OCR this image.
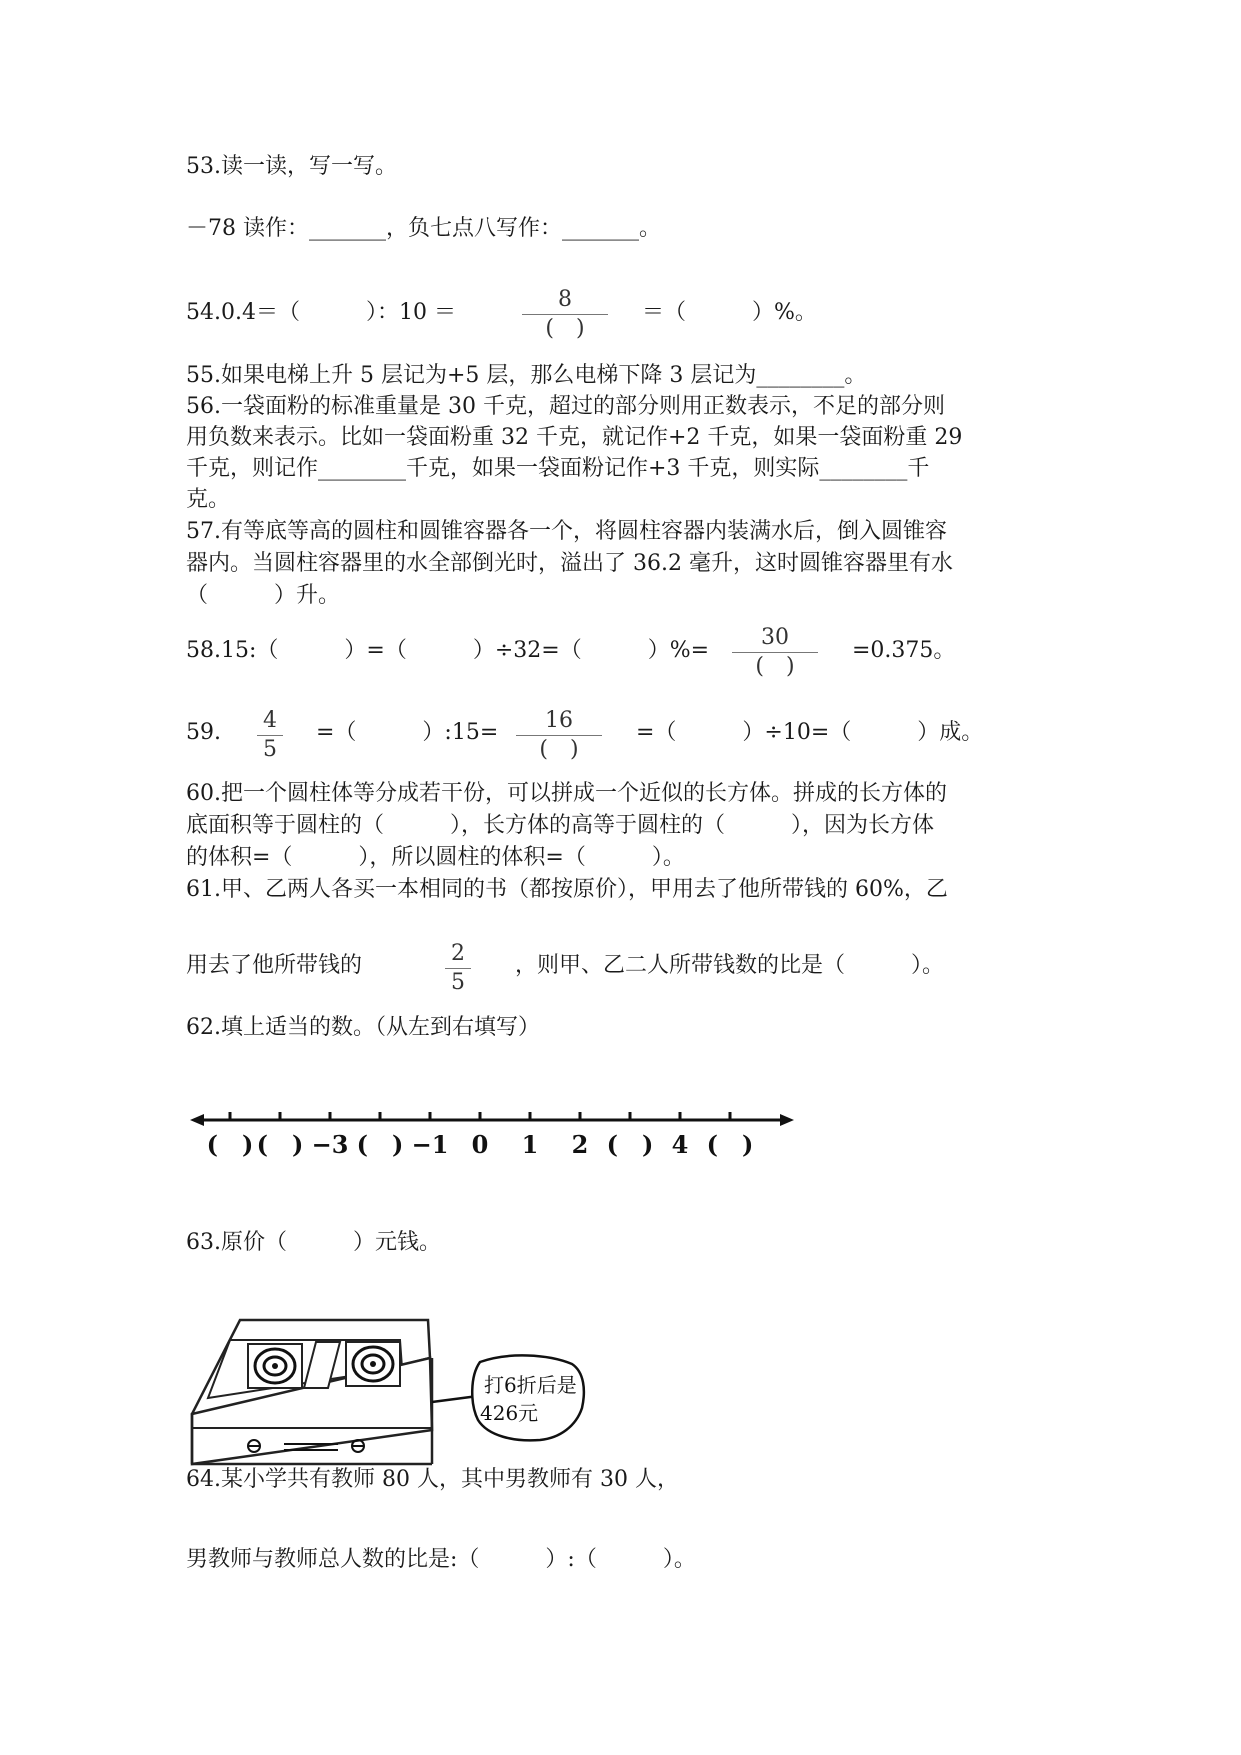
53.读一读，写一写。
－78 读作：_______，负七点八写作：_______。
54.0.4＝（　　　）：10 ＝
8
(　)
＝（　　　）%。
55.如果电梯上升 5 层记为+5 层，那么电梯下降 3 层记为________。
56.一袋面粉的标准重量是 30 千克，超过的部分则用正数表示，不足的部分则
用负数来表示。比如一袋面粉重 32 千克，就记作+2 千克，如果一袋面粉重 29
千克，则记作________千克，如果一袋面粉记作+3 千克，则实际________千
克。
57.有等底等高的圆柱和圆锥容器各一个，将圆柱容器内装满水后，倒入圆锥容
器内。当圆柱容器里的水全部倒光时，溢出了 36.2 毫升，这时圆锥容器里有水
（　　　）升。
58.15:（　　　）=（　　　）÷32=（　　　）%=
30
(　)
=0.375。
59. 4
5
=（　　　）:15=	16
(　)
=（　　　）÷10=（　　　）成。
60.把一个圆柱体等分成若干份，可以拼成一个近似的长方体。拼成的长方体的
底面积等于圆柱的（　　　），长方体的高等于圆柱的（　　　），因为长方体
的体积=（　　　），所以圆柱的体积=（　　　）。
61.甲、乙两人各买一本相同的书（都按原价），甲用去了他所带钱的 60%，乙
用去了他所带钱的	2
5
，则甲、乙二人所带钱数的比是（　　　）。
62.填上适当的数。（从左到右填写）
(　) (　) −3 (　) −1 0 1 2 (　) 4 (　)
63.原价（　　　）元钱。
打6折后是
426元
64.某小学共有教师 80 人，其中男教师有 30 人，
男教师与教师总人数的比是:（　　　）:（　　　）。
